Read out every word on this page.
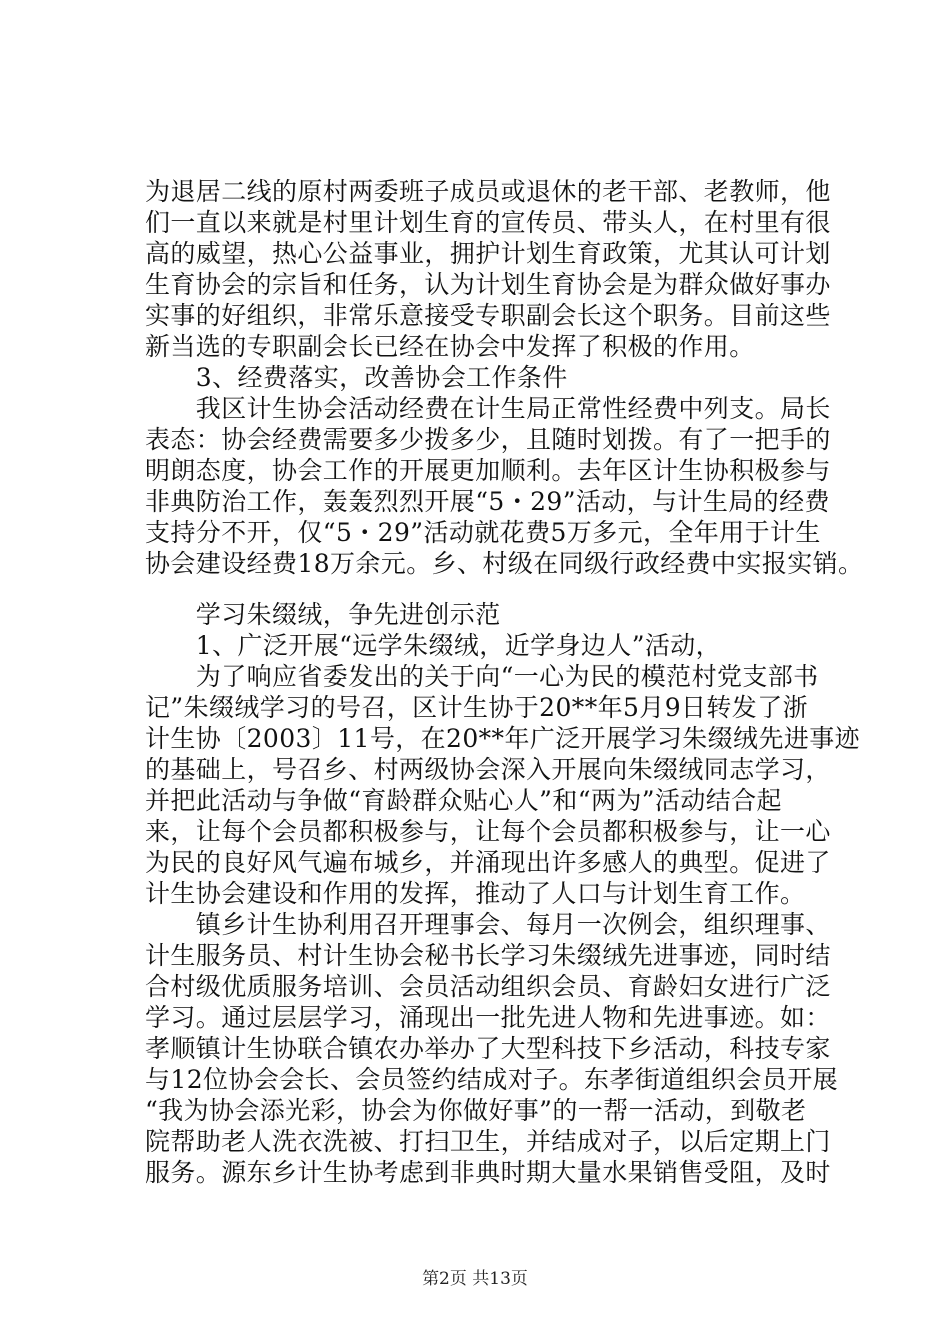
为退居二线的原村两委班子成员或退休的老干部、老教师，他
们一直以来就是村里计划生育的宣传员、带头人，在村里有很
高的威望，热心公益事业，拥护计划生育政策，尤其认可计划
生育协会的宗旨和任务，认为计划生育协会是为群众做好事办
实事的好组织，非常乐意接受专职副会长这个职务。目前这些
新当选的专职副会长已经在协会中发挥了积极的作用。
　　3、经费落实，改善协会工作条件
　　我区计生协会活动经费在计生局正常性经费中列支。局长
表态：协会经费需要多少拨多少，且随时划拨。有了一把手的
明朗态度，协会工作的开展更加顺利。去年区计生协积极参与
非典防治工作，轰轰烈烈开展“5・29”活动，与计生局的经费
支持分不开，仅“5・29”活动就花费5万多元，全年用于计生
协会建设经费18万余元。乡、村级在同级行政经费中实报实销。
　　学习朱缀绒，争先进创示范
　　1、广泛开展“远学朱缀绒，近学身边人”活动，
　　为了响应省委发出的关于向“一心为民的模范村党支部书
记”朱缀绒学习的号召，区计生协于20**年5月9日转发了浙
计生协〔2003〕11号，在20**年广泛开展学习朱缀绒先进事迹
的基础上，号召乡、村两级协会深入开展向朱缀绒同志学习，
并把此活动与争做“育龄群众贴心人”和“两为”活动结合起
来，让每个会员都积极参与，让每个会员都积极参与，让一心
为民的良好风气遍布城乡，并涌现出许多感人的典型。促进了
计生协会建设和作用的发挥，推动了人口与计划生育工作。
　　镇乡计生协利用召开理事会、每月一次例会，组织理事、
计生服务员、村计生协会秘书长学习朱缀绒先进事迹，同时结
合村级优质服务培训、会员活动组织会员、育龄妇女进行广泛
学习。通过层层学习，涌现出一批先进人物和先进事迹。如：
孝顺镇计生协联合镇农办举办了大型科技下乡活动，科技专家
与12位协会会长、会员签约结成对子。东孝街道组织会员开展
“我为协会添光彩，协会为你做好事”的一帮一活动，到敬老
院帮助老人洗衣洗被、打扫卫生，并结成对子，以后定期上门
服务。源东乡计生协考虑到非典时期大量水果销售受阻，及时
第2页 共13页
